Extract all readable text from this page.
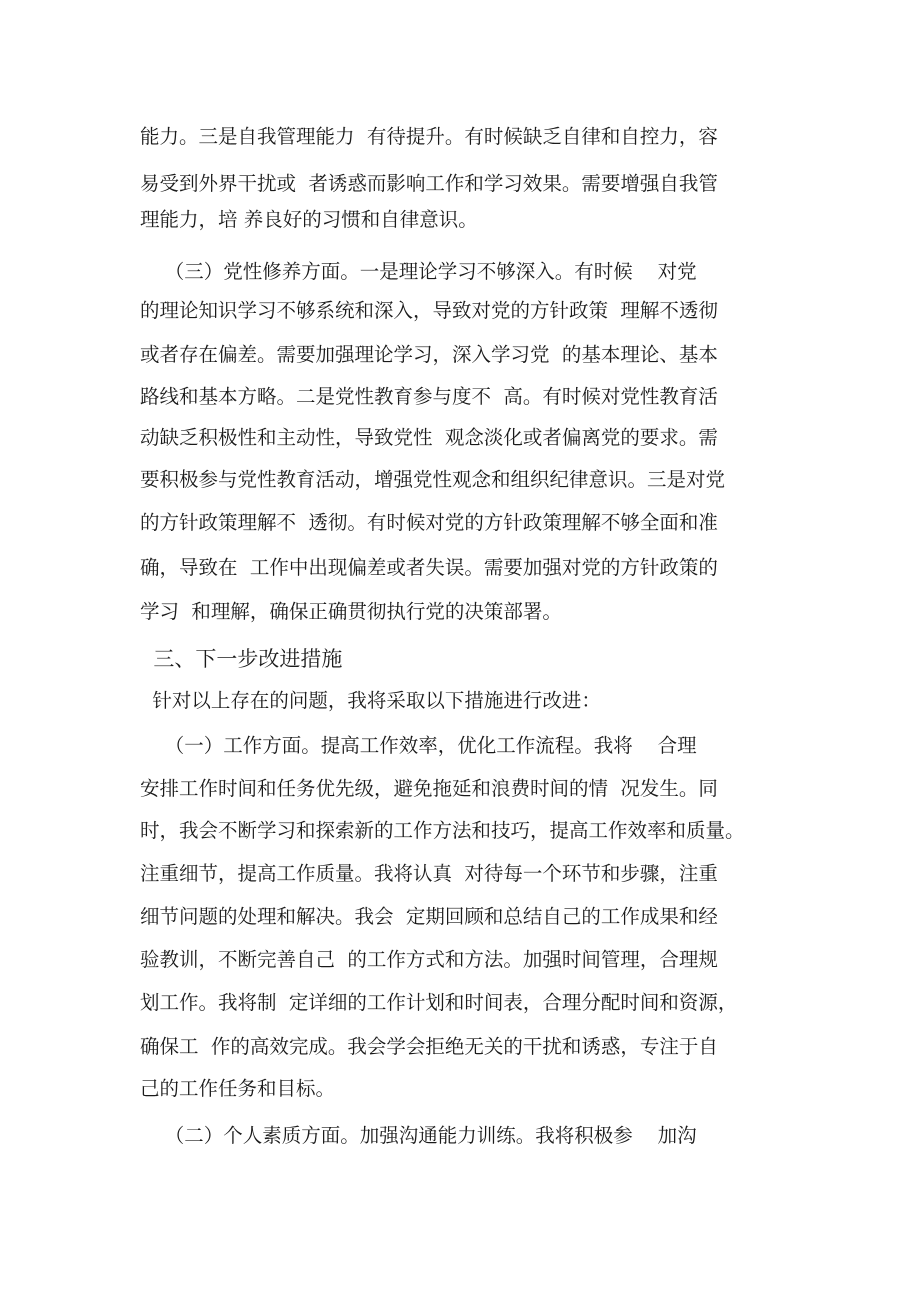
能力。三是自我管理能力  有待提升。有时候缺乏自律和自控力，容
易受到外界干扰或  者诱惑而影响工作和学习效果。需要增强自我管
理能力，培 养良好的习惯和自律意识。
（三）党性修养方面。一是理论学习不够深入。有时候    对党
的理论知识学习不够系统和深入，导致对党的方针政策  理解不透彻
或者存在偏差。需要加强理论学习，深入学习党  的基本理论、基本
路线和基本方略。二是党性教育参与度不  高。有时候对党性教育活
动缺乏积极性和主动性，导致党性  观念淡化或者偏离党的要求。需
要积极参与党性教育活动，增强党性观念和组织纪律意识。三是对党
的方针政策理解不  透彻。有时候对党的方针政策理解不够全面和准
确，导致在  工作中出现偏差或者失误。需要加强对党的方针政策的
学习  和理解，确保正确贯彻执行党的决策部署。
三、下一步改进措施
针对以上存在的问题，我将采取以下措施进行改进：
（一）工作方面。提高工作效率，优化工作流程。我将    合理
安排工作时间和任务优先级，避免拖延和浪费时间的情  况发生。同
时，我会不断学习和探索新的工作方法和技巧，提高工作效率和质量。
注重细节，提高工作质量。我将认真  对待每一个环节和步骤，注重
细节问题的处理和解决。我会  定期回顾和总结自己的工作成果和经
验教训，不断完善自己  的工作方式和方法。加强时间管理，合理规
划工作。我将制  定详细的工作计划和时间表，合理分配时间和资源，
确保工  作的高效完成。我会学会拒绝无关的干扰和诱惑，专注于自
己的工作任务和目标。
（二）个人素质方面。加强沟通能力训练。我将积极参    加沟
